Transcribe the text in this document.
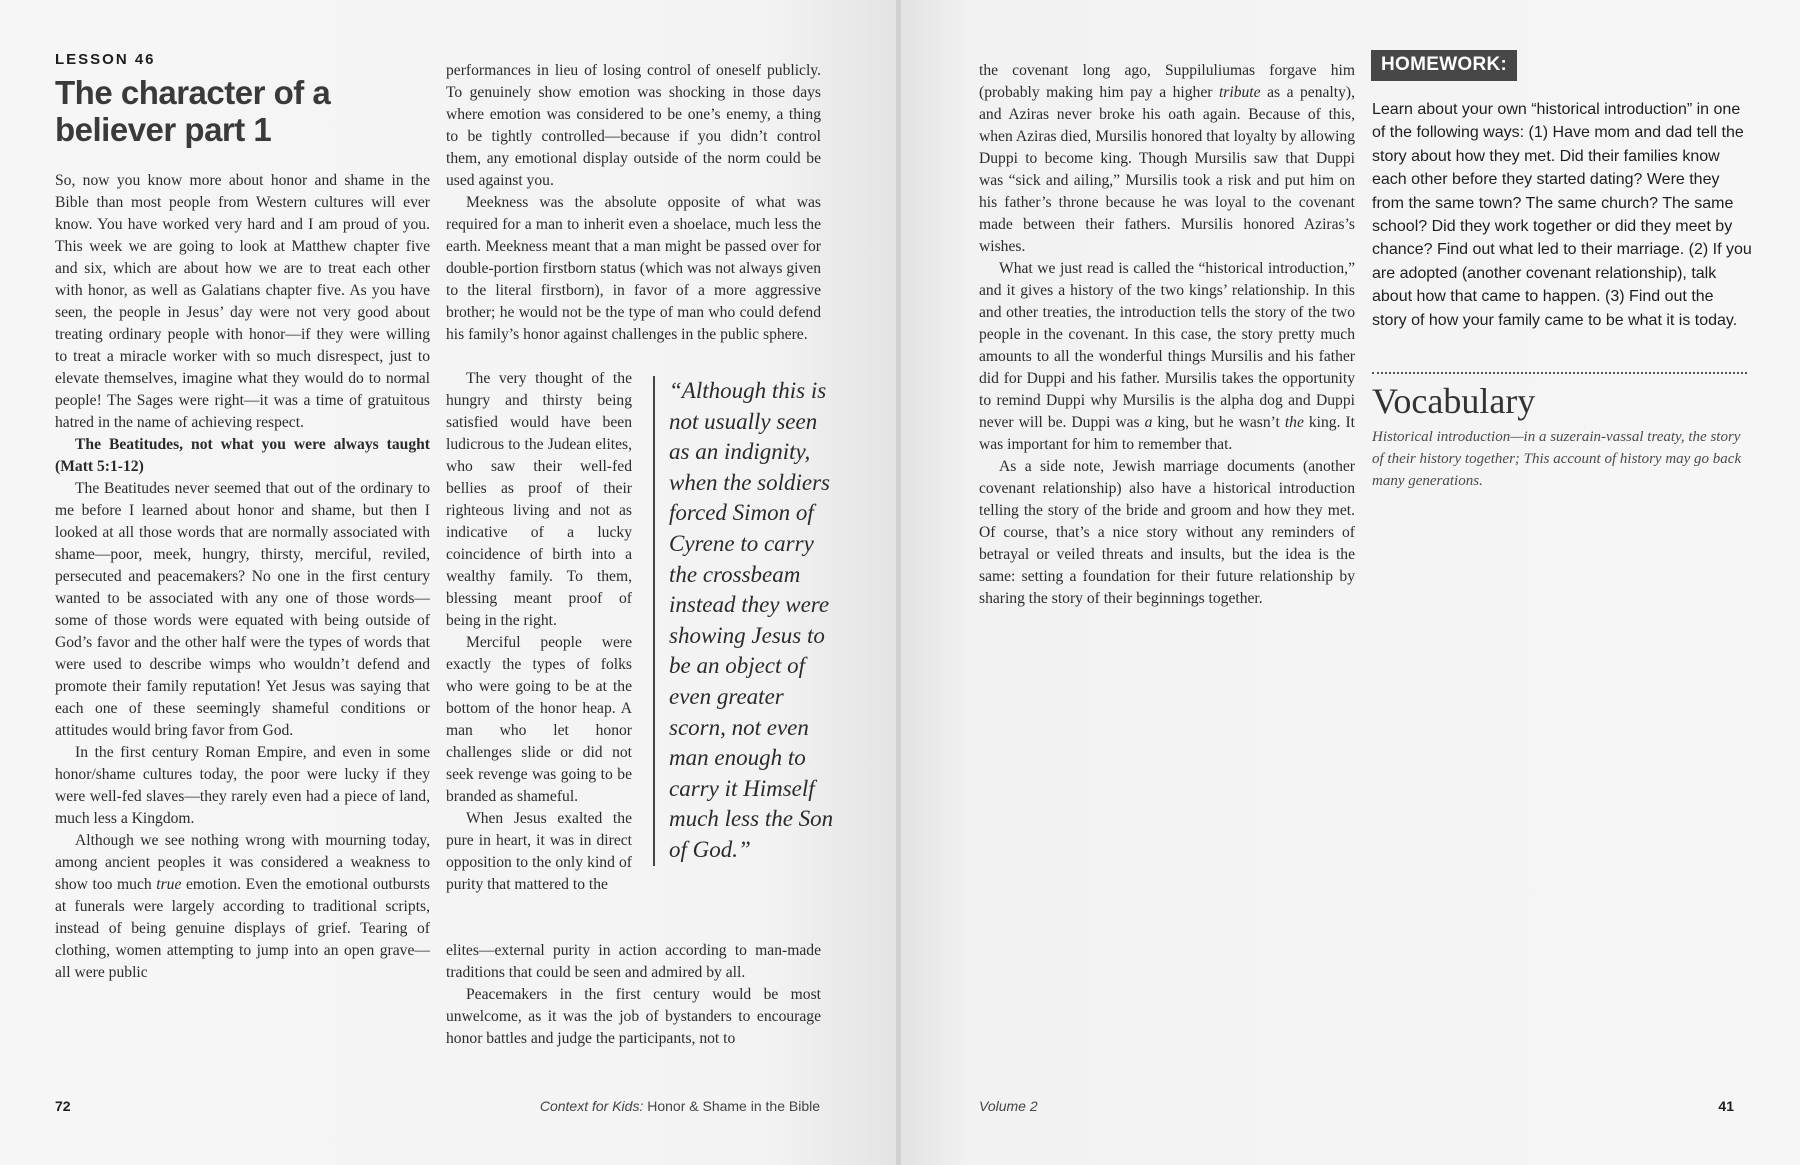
LESSON 46
The character of a believer part 1

So, now you know more about honor and shame in the Bible than most people from Western cultures will ever know. You have worked very hard and I am proud of you. This week we are going to look at Matthew chapter five and six, which are about how we are to treat each other with honor, as well as Galatians chapter five. As you have seen, the people in Jesus’ day were not very good about treating ordinary people with honor—if they were willing to treat a miracle worker with so much disrespect, just to elevate themselves, imagine what they would do to normal people! The Sages were right—it was a time of gratuitous hatred in the name of achieving respect.

The Beatitudes, not what you were always taught (Matt 5:1-12)

The Beatitudes never seemed that out of the ordinary to me before I learned about honor and shame, but then I looked at all those words that are normally associated with shame—poor, meek, hungry, thirsty, merciful, reviled, persecuted and peacemakers? No one in the first century wanted to be associated with any one of those words—some of those words were equated with being outside of God’s favor and the other half were the types of words that were used to describe wimps who wouldn’t defend and promote their family reputation! Yet Jesus was saying that each one of these seemingly shameful conditions or attitudes would bring favor from God.

In the first century Roman Empire, and even in some honor/shame cultures today, the poor were lucky if they were well-fed slaves—they rarely even had a piece of land, much less a Kingdom.

Although we see nothing wrong with mourning today, among ancient peoples it was considered a weakness to show too much true emotion. Even the emotional outbursts at funerals were largely according to traditional scripts, instead of being genuine displays of grief. Tearing of clothing, women attempting to jump into an open grave—all were public

performances in lieu of losing control of oneself publicly. To genuinely show emotion was shocking in those days where emotion was considered to be one’s enemy, a thing to be tightly controlled—because if you didn’t control them, any emotional display outside of the norm could be used against you.

Meekness was the absolute opposite of what was required for a man to inherit even a shoelace, much less the earth. Meekness meant that a man might be passed over for double-portion firstborn status (which was not always given to the literal firstborn), in favor of a more aggressive brother; he would not be the type of man who could defend his family’s honor against challenges in the public sphere.

The very thought of the hungry and thirsty being satisfied would have been ludicrous to the Judean elites, who saw their well-fed bellies as proof of their righteous living and not as indicative of a lucky coincidence of birth into a wealthy family. To them, blessing meant proof of being in the right.

Merciful people were exactly the types of folks who were going to be at the bottom of the honor heap. A man who let honor challenges slide or did not seek revenge was going to be branded as shameful.

When Jesus exalted the pure in heart, it was in direct opposition to the only kind of purity that mattered to the

“Although this is not usually seen as an indignity, when the soldiers forced Simon of Cyrene to carry the crossbeam instead they were showing Jesus to be an object of even greater scorn, not even man enough to carry it Himself much less the Son of God.”

elites—external purity in action according to man-made traditions that could be seen and admired by all.

Peacemakers in the first century would be most unwelcome, as it was the job of bystanders to encourage honor battles and judge the participants, not to

72	Context for Kids: Honor & Shame in the Bible

the covenant long ago, Suppiluliumas forgave him (probably making him pay a higher tribute as a penalty), and Aziras never broke his oath again. Because of this, when Aziras died, Mursilis honored that loyalty by allowing Duppi to become king. Though Mursilis saw that Duppi was “sick and ailing,” Mursilis took a risk and put him on his father’s throne because he was loyal to the covenant made between their fathers. Mursilis honored Aziras’s wishes.

What we just read is called the “historical introduction,” and it gives a history of the two kings’ relationship. In this and other treaties, the introduction tells the story of the two people in the covenant. In this case, the story pretty much amounts to all the wonderful things Mursilis and his father did for Duppi and his father. Mursilis takes the opportunity to remind Duppi why Mursilis is the alpha dog and Duppi never will be. Duppi was a king, but he wasn’t the king. It was important for him to remember that.

As a side note, Jewish marriage documents (another covenant relationship) also have a historical introduction telling the story of the bride and groom and how they met. Of course, that’s a nice story without any reminders of betrayal or veiled threats and insults, but the idea is the same: setting a foundation for their future relationship by sharing the story of their beginnings together.

Volume 2	41
HOMEWORK:
Learn about your own “historical introduction” in one of the following ways: (1) Have mom and dad tell the story about how they met. Did their families know each other before they started dating? Were they from the same town? The same church? The same school? Did they work together or did they meet by chance? Find out what led to their marriage. (2) If you are adopted (another covenant relationship), talk about how that came to happen. (3) Find out the story of how your family came to be what it is today.
Vocabulary
Historical introduction—in a suzerain-vassal treaty, the story of their history together; This account of history may go back many generations.
